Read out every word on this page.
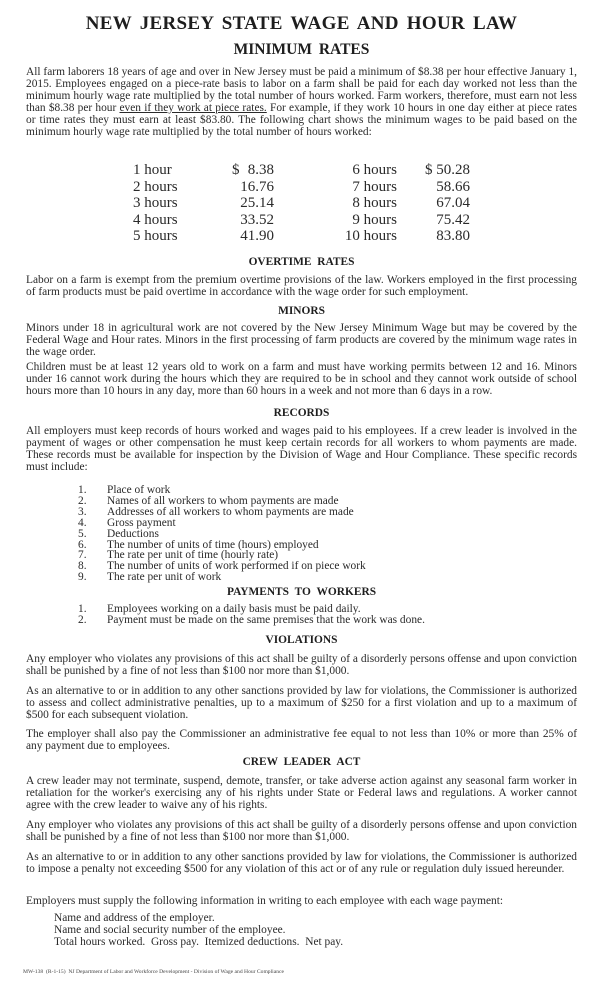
NEW JERSEY STATE WAGE AND HOUR LAW
MINIMUM RATES

All farm laborers 18 years of age and over in New Jersey must be paid a minimum of $8.38 per hour effective January 1, 2015. Employees engaged on a piece-rate basis to labor on a farm shall be paid for each day worked not less than the minimum hourly wage rate multiplied by the total number of hours worked. Farm workers, therefore, must earn not less than $8.38 per hour even if they work at piece rates. For example, if they work 10 hours in one day either at piece rates or time rates they must earn at least $83.80. The following chart shows the minimum wages to be paid based on the minimum hourly wage rate multiplied by the total number of hours worked:

1 hour	$ 8.38	6 hours	$ 50.28
2 hours	16.76	7 hours	58.66
3 hours	25.14	8 hours	67.04
4 hours	33.52	9 hours	75.42
5 hours	41.90	10 hours	83.80
OVERTIME RATES

Labor on a farm is exempt from the premium overtime provisions of the law. Workers employed in the first processing of farm products must be paid overtime in accordance with the wage order for such employment.

MINORS

Minors under 18 in agricultural work are not covered by the New Jersey Minimum Wage but may be covered by the Federal Wage and Hour rates. Minors in the first processing of farm products are covered by the minimum wage rates in the wage order.

Children must be at least 12 years old to work on a farm and must have working permits between 12 and 16. Minors under 16 cannot work during the hours which they are required to be in school and they cannot work outside of school hours more than 10 hours in any day, more than 60 hours in a week and not more than 6 days in a row.

RECORDS

All employers must keep records of hours worked and wages paid to his employees. If a crew leader is involved in the payment of wages or other compensation he must keep certain records for all workers to whom payments are made. These records must be available for inspection by the Division of Wage and Hour Compliance. These specific records must include:

1. Place of work
2. Names of all workers to whom payments are made
3. Addresses of all workers to whom payments are made
4. Gross payment
5. Deductions
6. The number of units of time (hours) employed
7. The rate per unit of time (hourly rate)
8. The number of units of work performed if on piece work
9. The rate per unit of work
PAYMENTS TO WORKERS
1. Employees working on a daily basis must be paid daily.
2. Payment must be made on the same premises that the work was done.
VIOLATIONS

Any employer who violates any provisions of this act shall be guilty of a disorderly persons offense and upon conviction shall be punished by a fine of not less than $100 nor more than $1,000.

As an alternative to or in addition to any other sanctions provided by law for violations, the Commissioner is authorized to assess and collect administrative penalties, up to a maximum of $250 for a first violation and up to a maximum of $500 for each subsequent violation.

The employer shall also pay the Commissioner an administrative fee equal to not less than 10% or more than 25% of any payment due to employees.

CREW LEADER ACT

A crew leader may not terminate, suspend, demote, transfer, or take adverse action against any seasonal farm worker in retaliation for the worker's exercising any of his rights under State or Federal laws and regulations. A worker cannot agree with the crew leader to waive any of his rights.

Any employer who violates any provisions of this act shall be guilty of a disorderly persons offense and upon conviction shall be punished by a fine of not less than $100 nor more than $1,000.

As an alternative to or in addition to any other sanctions provided by law for violations, the Commissioner is authorized to impose a penalty not exceeding $500 for any violation of this act or of any rule or regulation duly issued hereunder.

Employers must supply the following information in writing to each employee with each wage payment:

Name and address of the employer.
Name and social security number of the employee.
Total hours worked.  Gross pay.  Itemized deductions.  Net pay.
MW-138  (R-1-15)  NJ Department of Labor and Workforce Development - Division of Wage and Hour Compliance
